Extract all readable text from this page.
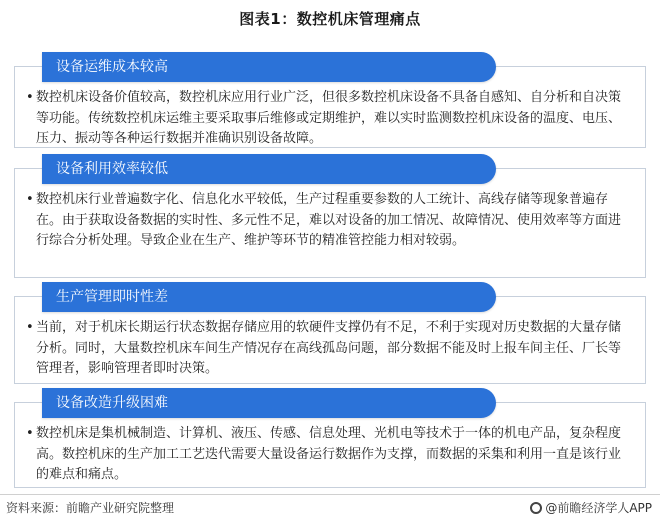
图表1：数控机床管理痛点
设备运维成本较高
• 数控机床设备价值较高，数控机床应用行业广泛，但很多数控机床设备不具备自感知、自分析和自决策等功能。传统数控机床运维主要采取事后维修或定期维护，难以实时监测数控机床设备的温度、电压、压力、振动等各种运行数据并准确识别设备故障。
设备利用效率较低
• 数控机床行业普遍数字化、信息化水平较低，生产过程重要参数的人工统计、高线存储等现象普遍存在。由于获取设备数据的实时性、多元性不足，难以对设备的加工情况、故障情况、使用效率等方面进行综合分析处理。导致企业在生产、维护等环节的精准管控能力相对较弱。
生产管理即时性差
• 当前，对于机床长期运行状态数据存储应用的软硬件支撑仍有不足，不利于实现对历史数据的大量存储分析。同时，大量数控机床车间生产情况存在高线孤岛问题，部分数据不能及时上报车间主任、厂长等管理者，影响管理者即时决策。
设备改造升级困难
• 数控机床是集机械制造、计算机、液压、传感、信息处理、光机电等技术于一体的机电产品，复杂程度高。数控机床的生产加工工艺迭代需要大量设备运行数据作为支撑，而数据的采集和利用一直是该行业的难点和痛点。
资料来源：前瞻产业研究院整理	@前瞻经济学人APP
